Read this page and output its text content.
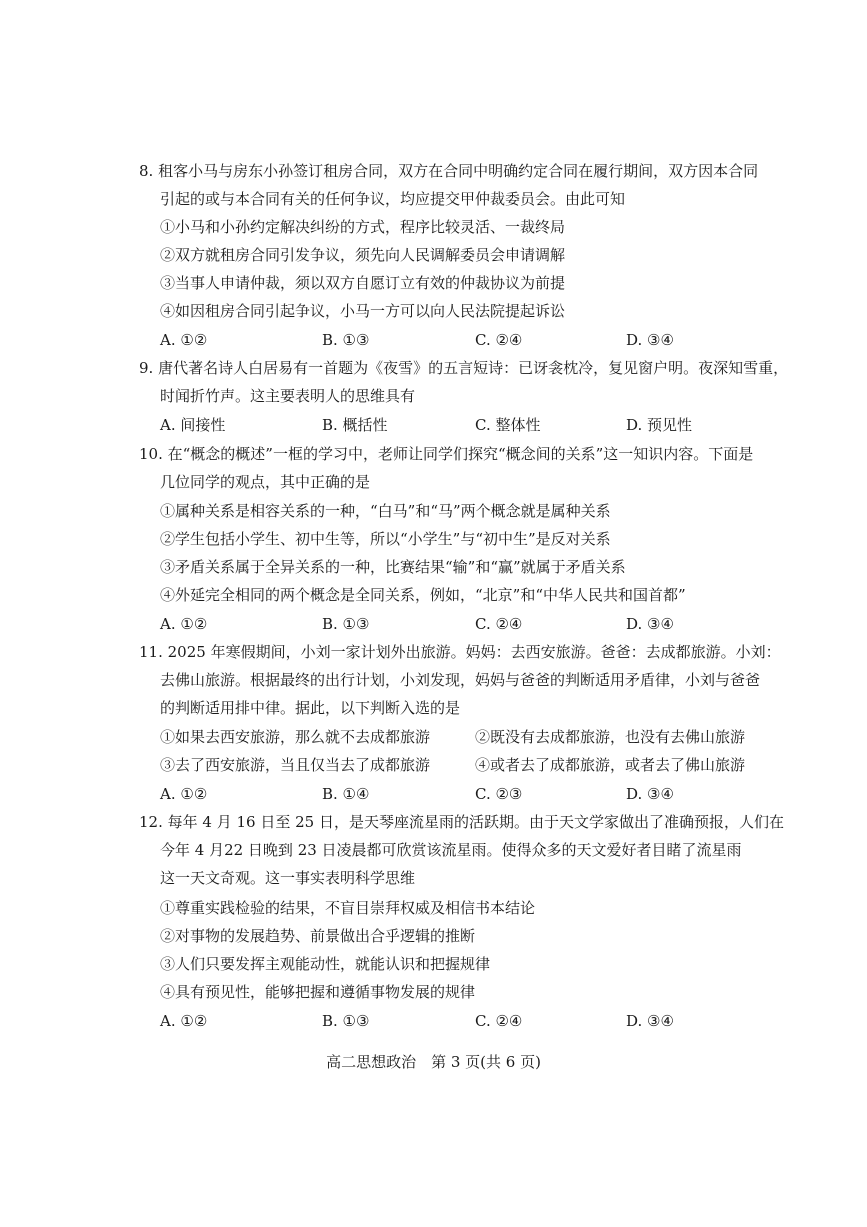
8. 租客小马与房东小孙签订租房合同，双方在合同中明确约定合同在履行期间，双方因本合同
引起的或与本合同有关的任何争议，均应提交甲仲裁委员会。由此可知
①小马和小孙约定解决纠纷的方式，程序比较灵活、一裁终局
②双方就租房合同引发争议，须先向人民调解委员会申请调解
③当事人申请仲裁，须以双方自愿订立有效的仲裁协议为前提
④如因租房合同引起争议，小马一方可以向人民法院提起诉讼
A. ①②	B. ①③	C. ②④	D. ③④
9. 唐代著名诗人白居易有一首题为《夜雪》的五言短诗：已讶衾枕冷，复见窗户明。夜深知雪重，
时闻折竹声。这主要表明人的思维具有
A. 间接性	B. 概括性	C. 整体性	D. 预见性
10. 在“概念的概述”一框的学习中，老师让同学们探究“概念间的关系”这一知识内容。下面是
几位同学的观点，其中正确的是
①属种关系是相容关系的一种，“白马”和“马”两个概念就是属种关系
②学生包括小学生、初中生等，所以“小学生”与“初中生”是反对关系
③矛盾关系属于全异关系的一种，比赛结果“输”和“赢”就属于矛盾关系
④外延完全相同的两个概念是全同关系，例如，“北京”和“中华人民共和国首都”
A. ①②	B. ①③	C. ②④	D. ③④
11. 2025 年寒假期间，小刘一家计划外出旅游。妈妈：去西安旅游。爸爸：去成都旅游。小刘：
去佛山旅游。根据最终的出行计划，小刘发现，妈妈与爸爸的判断适用矛盾律，小刘与爸爸
的判断适用排中律。据此，以下判断入选的是
①如果去西安旅游，那么就不去成都旅游	②既没有去成都旅游，也没有去佛山旅游
③去了西安旅游，当且仅当去了成都旅游	④或者去了成都旅游，或者去了佛山旅游
A. ①②	B. ①④	C. ②③	D. ③④
12. 每年 4 月 16 日至 25 日，是天琴座流星雨的活跃期。由于天文学家做出了准确预报，人们在
今年 4 月22 日晚到 23 日凌晨都可欣赏该流星雨。使得众多的天文爱好者目睹了流星雨
这一天文奇观。这一事实表明科学思维
①尊重实践检验的结果，不盲目崇拜权威及相信书本结论
②对事物的发展趋势、前景做出合乎逻辑的推断
③人们只要发挥主观能动性，就能认识和把握规律
④具有预见性，能够把握和遵循事物发展的规律
A. ①②	B. ①③	C. ②④	D. ③④
高二思想政治　第 3 页(共 6 页)
